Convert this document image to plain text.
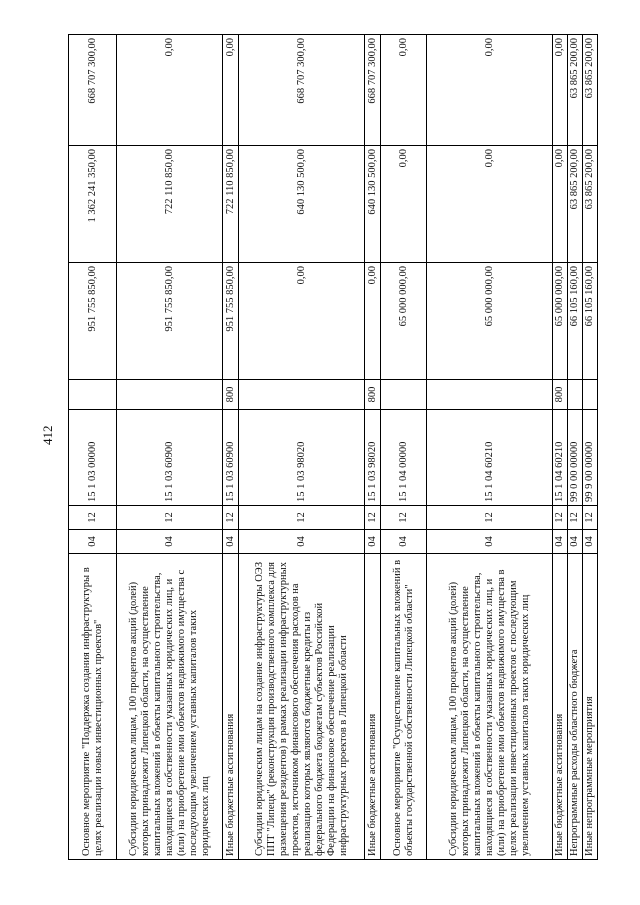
412
Основное мероприятие "Поддержка создания инфраструктуры в целях реализации новых инвестиционных проектов"	04	12	15 1 03 00000		951 755 850,00	1 362 241 350,00	668 707 300,00
Субсидии юридическим лицам, 100 процентов акций (долей) которых принадлежит Липецкой области, на осуществление капитальных вложений в объекты капитального строительства, находящиеся в собственности указанных юридических лиц, и (или) на приобретение ими объектов недвижимого имущества с последующим увеличением уставных капиталов таких юридических лиц	04	12	15 1 03 60900		951 755 850,00	722 110 850,00	0,00
Иные бюджетные ассигнования	04	12	15 1 03 60900	800	951 755 850,00	722 110 850,00	0,00
Субсидии юридическим лицам на создание инфраструктуры ОЭЗ ППТ "Липецк" (реконструкция производственного комплекса для размещения резидентов) в рамках реализации инфраструктурных проектов, источником финансового обеспечения расходов на реализацию которых являются бюджетные кредиты из федерального бюджета бюджетам субъектов Российской Федерации на финансовое обеспечение реализации инфраструктурных проектов в Липецкой области	04	12	15 1 03 98020		0,00	640 130 500,00	668 707 300,00
Иные бюджетные ассигнования	04	12	15 1 03 98020	800	0,00	640 130 500,00	668 707 300,00
Основное мероприятие "Осуществление капитальных вложений в объекты государственной собственности Липецкой области"	04	12	15 1 04 00000		65 000 000,00	0,00	0,00
Субсидии юридическим лицам, 100 процентов акций (долей) которых принадлежит Липецкой области, на осуществление капитальных вложений в объекты капитального строительства, находящиеся в собственности указанных юридических лиц, и (или) на приобретение ими объектов недвижимого имущества в целях реализации инвестиционных проектов с последующим увеличением уставных капиталов таких юридических лиц	04	12	15 1 04 60210		65 000 000,00	0,00	0,00
Иные бюджетные ассигнования	04	12	15 1 04 60210	800	65 000 000,00	0,00	0,00
Непрограммные расходы областного бюджета	04	12	99 0 00 00000		66 105 160,00	63 865 200,00	63 865 200,00
Иные непрограммные мероприятия	04	12	99 9 00 00000		66 105 160,00	63 865 200,00	63 865 200,00
